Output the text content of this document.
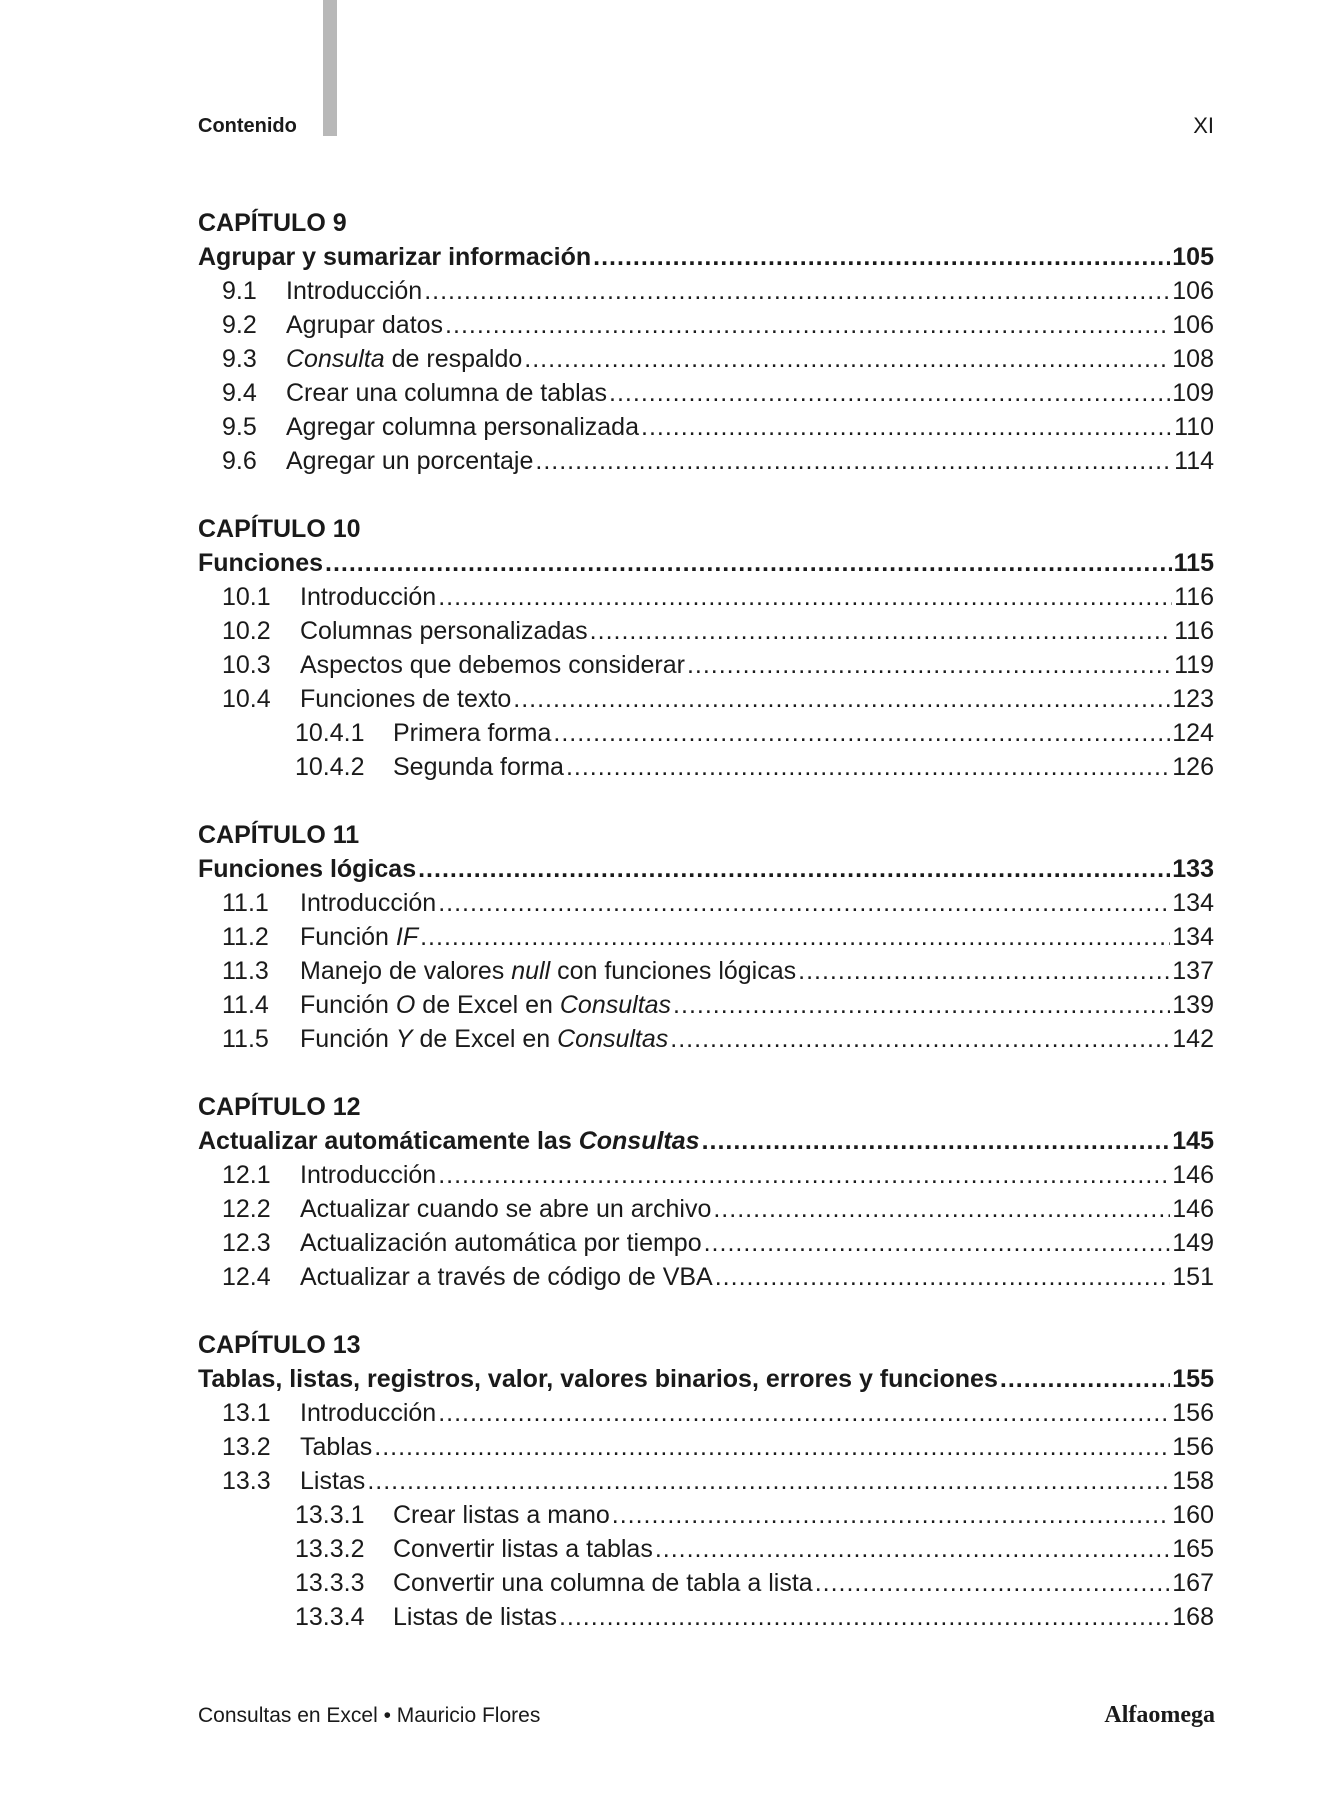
Contenido	XI
CAPÍTULO 9
Agrupar y sumarizar información .....	105
9.1	Introducción .....	106
9.2	Agrupar datos .....	106
9.3	Consulta de respaldo .....	108
9.4	Crear una columna de tablas .....	109
9.5	Agregar columna personalizada .....	110
9.6	Agregar un porcentaje .....	114
CAPÍTULO 10
Funciones .....	115
10.1	Introducción .....	116
10.2	Columnas personalizadas .....	116
10.3	Aspectos que debemos considerar .....	119
10.4	Funciones de texto .....	123
10.4.1	Primera forma .....	124
10.4.2	Segunda forma .....	126
CAPÍTULO 11
Funciones lógicas .....	133
11.1	Introducción .....	134
11.2	Función IF .....	134
11.3	Manejo de valores null con funciones lógicas .....	137
11.4	Función O de Excel en Consultas .....	139
11.5	Función Y de Excel en Consultas .....	142
CAPÍTULO 12
Actualizar automáticamente las Consultas .....	145
12.1	Introducción .....	146
12.2	Actualizar cuando se abre un archivo .....	146
12.3	Actualización automática por tiempo .....	149
12.4	Actualizar a través de código de VBA .....	151
CAPÍTULO 13
Tablas, listas, registros, valor, valores binarios, errores y funciones .....	155
13.1	Introducción .....	156
13.2	Tablas .....	156
13.3	Listas .....	158
13.3.1	Crear listas a mano .....	160
13.3.2	Convertir listas a tablas .....	165
13.3.3	Convertir una columna de tabla a lista .....	167
13.3.4	Listas de listas .....	168
Consultas en Excel • Mauricio Flores	Alfaomega
